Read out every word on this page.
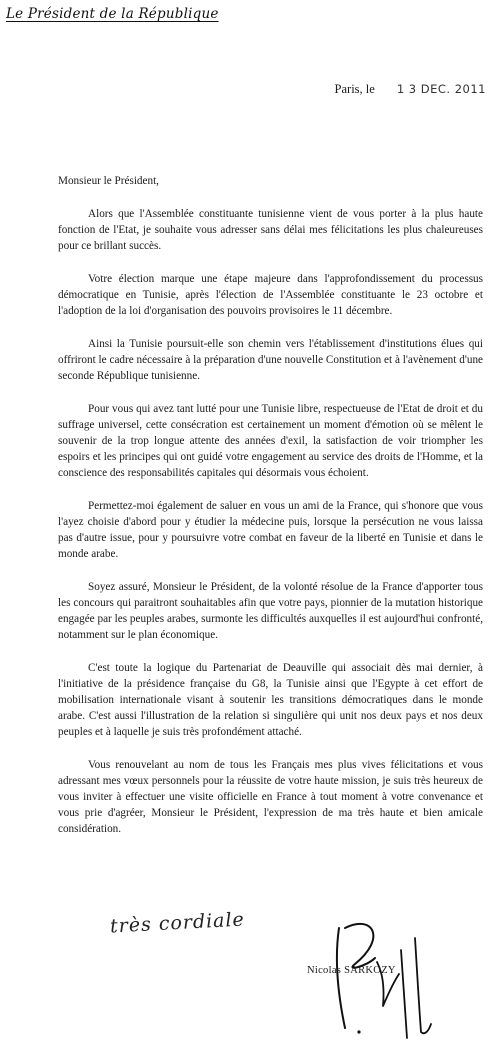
Le Président de la République
Paris, le 1 3 DEC. 2011

Monsieur le Président,

Alors que l'Assemblée constituante tunisienne vient de vous porter à la plus haute fonction de l'Etat, je souhaite vous adresser sans délai mes félicitations les plus chaleureuses pour ce brillant succès.

Votre élection marque une étape majeure dans l'approfondissement du processus démocratique en Tunisie, après l'élection de l'Assemblée constituante le 23 octobre et l'adoption de la loi d'organisation des pouvoirs provisoires le 11 décembre.

Ainsi la Tunisie poursuit-elle son chemin vers l'établissement d'institutions élues qui offriront le cadre nécessaire à la préparation d'une nouvelle Constitution et à l'avènement d'une seconde République tunisienne.

Pour vous qui avez tant lutté pour une Tunisie libre, respectueuse de l'Etat de droit et du suffrage universel, cette consécration est certainement un moment d'émotion où se mêlent le souvenir de la trop longue attente des années d'exil, la satisfaction de voir triompher les espoirs et les principes qui ont guidé votre engagement au service des droits de l'Homme, et la conscience des responsabilités capitales qui désormais vous échoient.

Permettez-moi également de saluer en vous un ami de la France, qui s'honore que vous l'ayez choisie d'abord pour y étudier la médecine puis, lorsque la persécution ne vous laissa pas d'autre issue, pour y poursuivre votre combat en faveur de la liberté en Tunisie et dans le monde arabe.

Soyez assuré, Monsieur le Président, de la volonté résolue de la France d'apporter tous les concours qui paraitront souhaitables afin que votre pays, pionnier de la mutation historique engagée par les peuples arabes, surmonte les difficultés auxquelles il est aujourd'hui confronté, notamment sur le plan économique.

C'est toute la logique du Partenariat de Deauville qui associait dès mai dernier, à l'initiative de la présidence française du G8, la Tunisie ainsi que l'Egypte à cet effort de mobilisation internationale visant à soutenir les transitions démocratiques dans le monde arabe. C'est aussi l'illustration de la relation si singulière qui unit nos deux pays et nos deux peuples et à laquelle je suis très profondément attaché.

Vous renouvelant au nom de tous les Français mes plus vives félicitations et vous adressant mes vœux personnels pour la réussite de votre haute mission, je suis très heureux de vous inviter à effectuer une visite officielle en France à tout moment à votre convenance et vous prie d'agréer, Monsieur le Président, l'expression de ma très haute et bien amicale considération.

très cordiale
Nicolas SARKOZY
